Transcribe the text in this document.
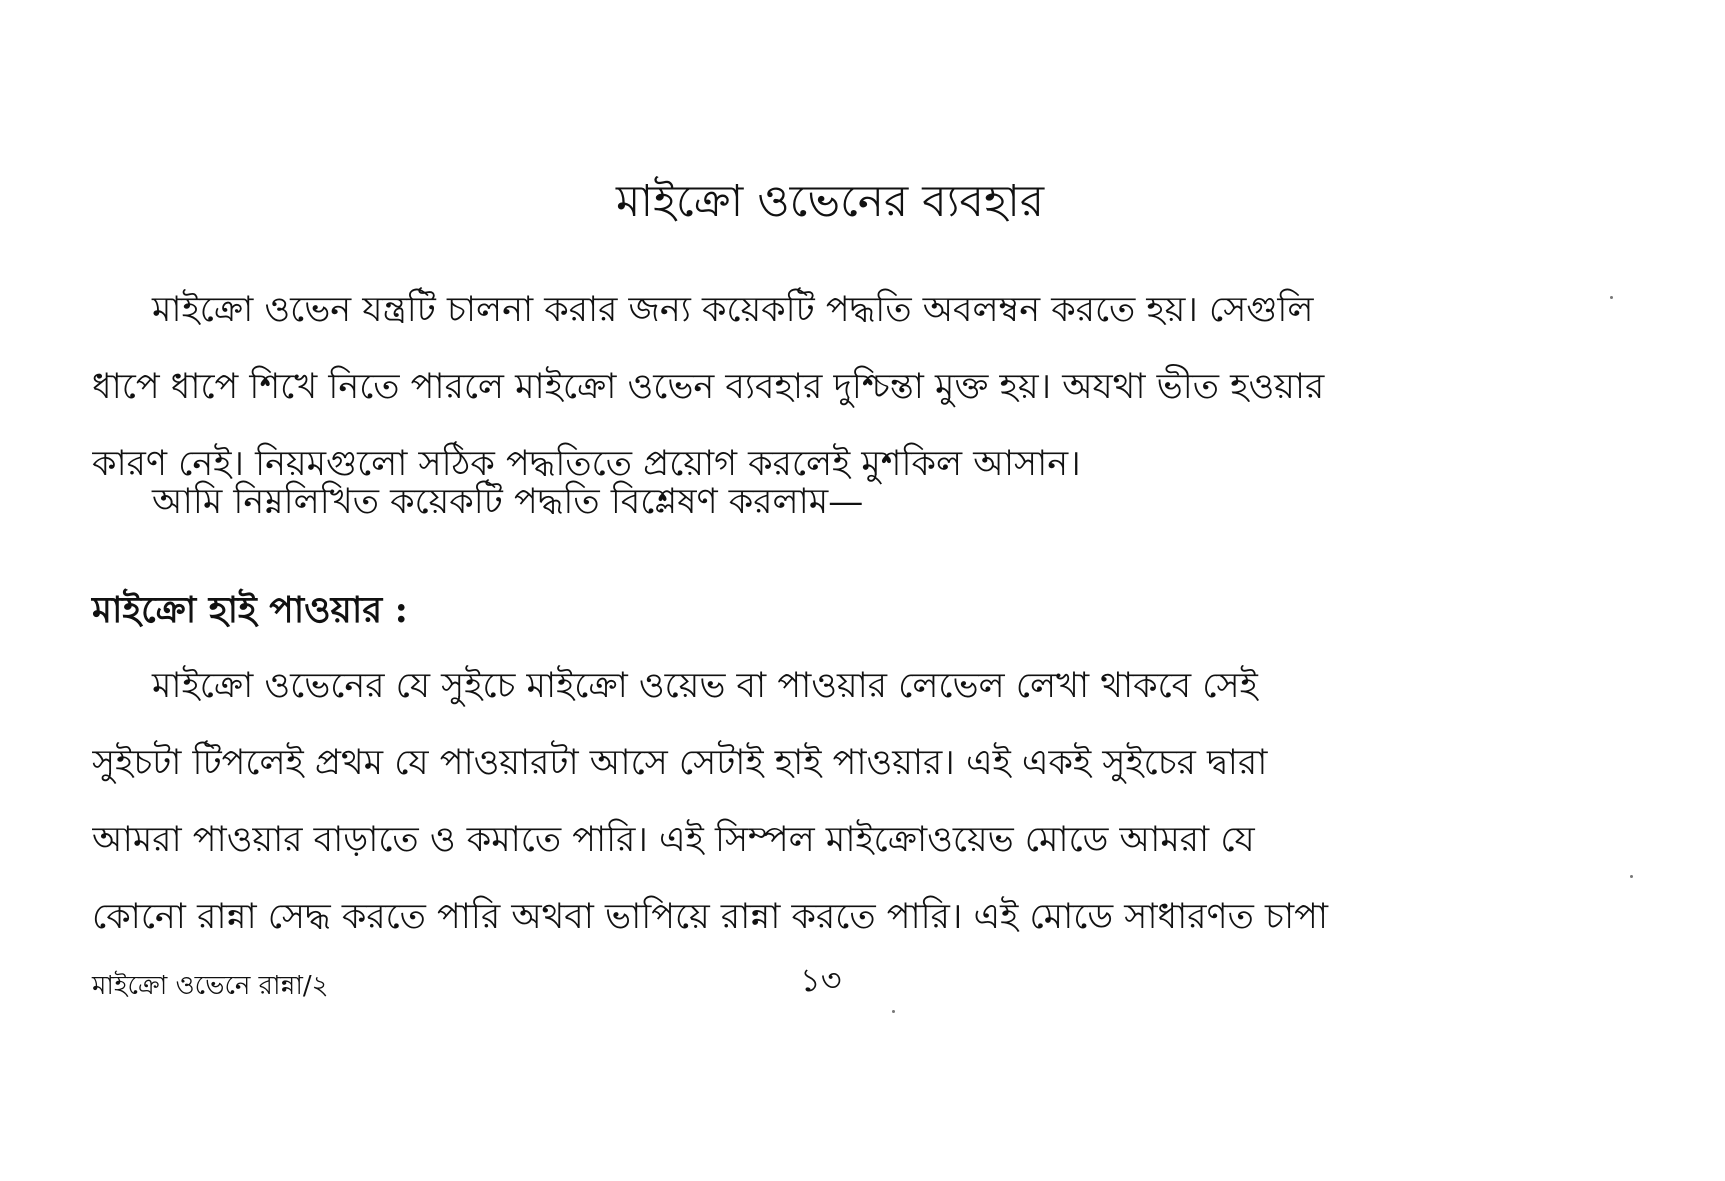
মাইক্রো ওভেনের ব্যবহার
মাইক্রো ওভেন যন্ত্রটি চালনা করার জন্য কয়েকটি পদ্ধতি অবলম্বন করতে হয়। সেগুলি
ধাপে ধাপে শিখে নিতে পারলে মাইক্রো ওভেন ব্যবহার দুশ্চিন্তা মুক্ত হয়। অযথা ভীত হওয়ার
কারণ নেই। নিয়মগুলো সঠিক পদ্ধতিতে প্রয়োগ করলেই মুশকিল আসান।
আমি নিম্নলিখিত কয়েকটি পদ্ধতি বিশ্লেষণ করলাম—
মাইক্রো হাই পাওয়ার :
মাইক্রো ওভেনের যে সুইচে মাইক্রো ওয়েভ বা পাওয়ার লেভেল লেখা থাকবে সেই
সুইচটা টিপলেই প্রথম যে পাওয়ারটা আসে সেটাই হাই পাওয়ার। এই একই সুইচের দ্বারা
আমরা পাওয়ার বাড়াতে ও কমাতে পারি। এই সিম্পল মাইক্রোওয়েভ মোডে আমরা যে
কোনো রান্না সেদ্ধ করতে পারি অথবা ভাপিয়ে রান্না করতে পারি। এই মোডে সাধারণত চাপা
মাইক্রো ওভেনে রান্না/২	১৩
